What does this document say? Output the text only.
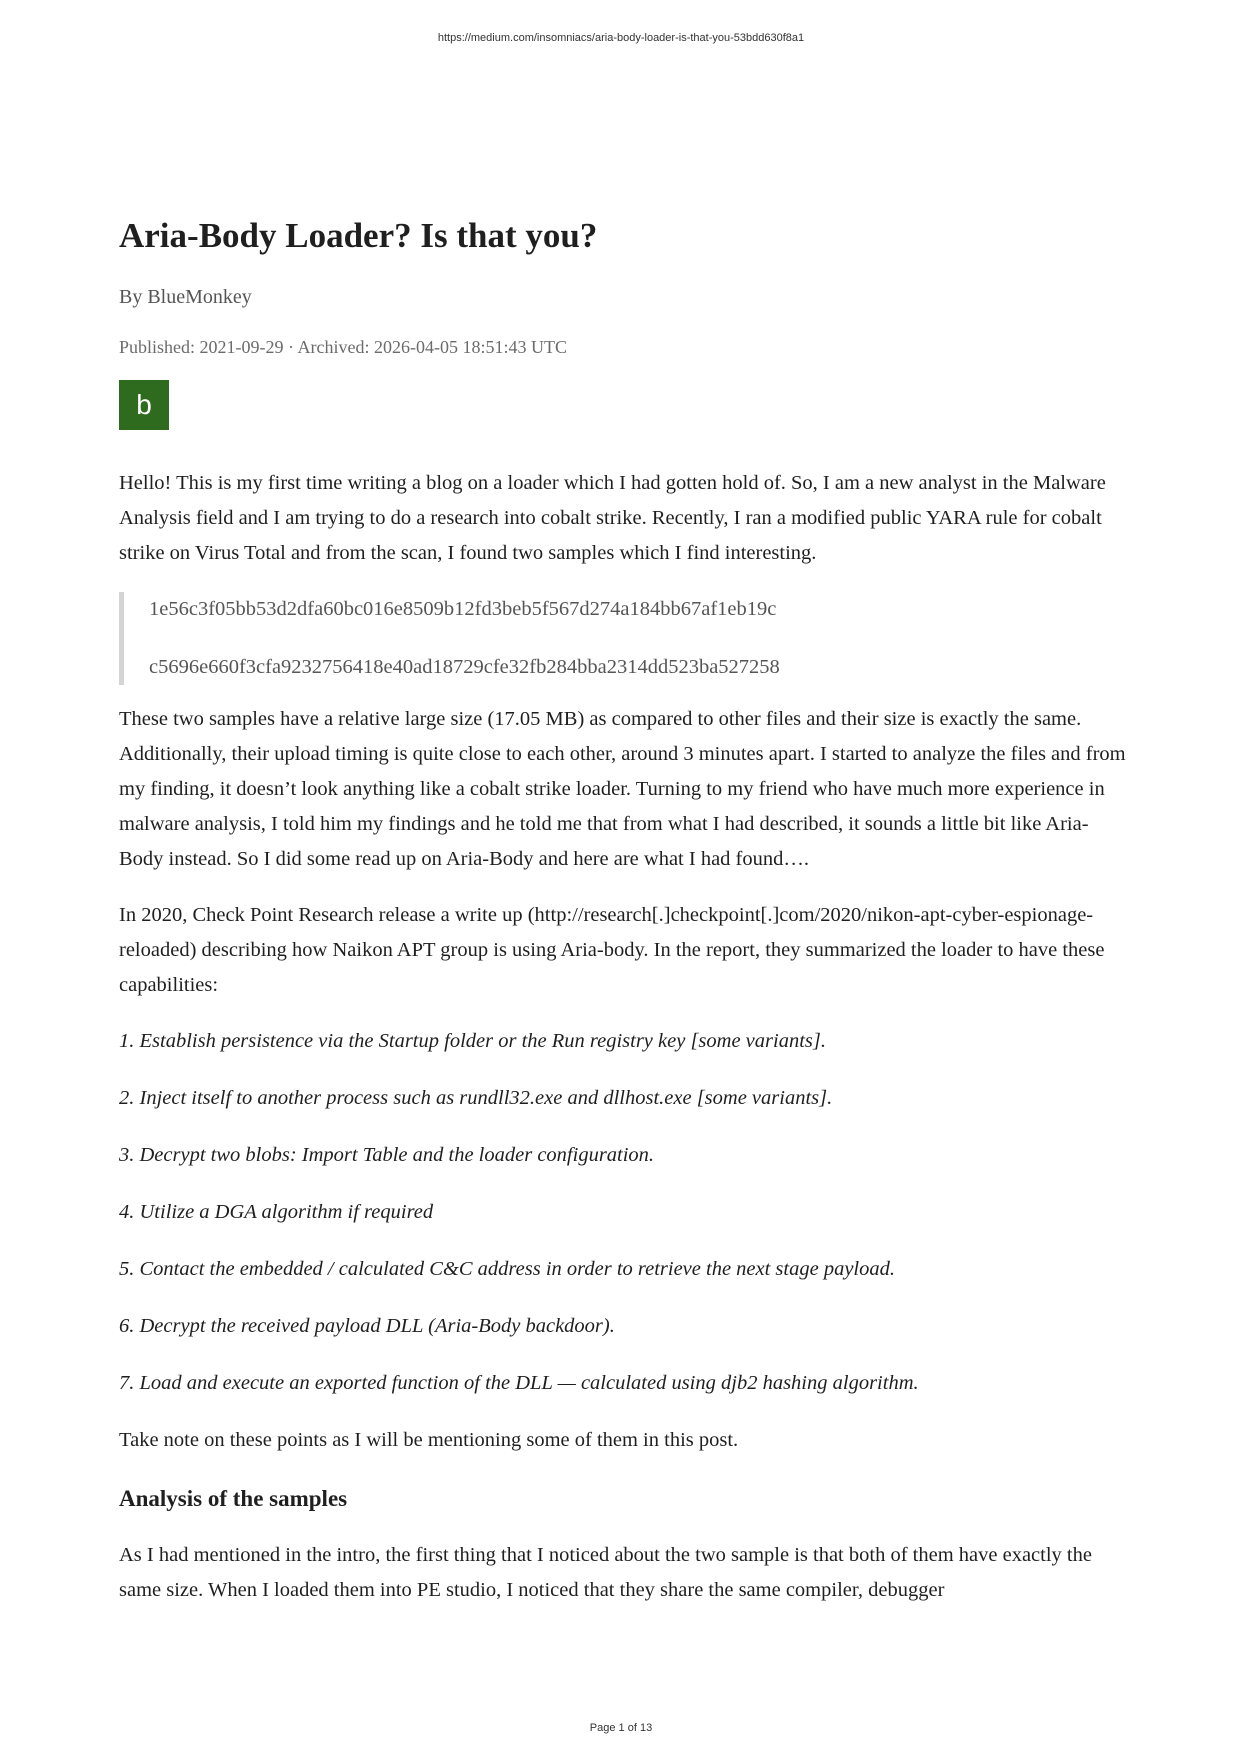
https://medium.com/insomniacs/aria-body-loader-is-that-you-53bdd630f8a1
Aria-Body Loader? Is that you?
By BlueMonkey
Published: 2021-09-29 · Archived: 2026-04-05 18:51:43 UTC
b

Hello! This is my first time writing a blog on a loader which I had gotten hold of. So, I am a new analyst in the Malware Analysis field and I am trying to do a research into cobalt strike. Recently, I ran a modified public YARA rule for cobalt strike on Virus Total and from the scan, I found two samples which I find interesting.

1e56c3f05bb53d2dfa60bc016e8509b12fd3beb5f567d274a184bb67af1eb19c

c5696e660f3cfa9232756418e40ad18729cfe32fb284bba2314dd523ba527258

These two samples have a relative large size (17.05 MB) as compared to other files and their size is exactly the same. Additionally, their upload timing is quite close to each other, around 3 minutes apart. I started to analyze the files and from my finding, it doesn’t look anything like a cobalt strike loader. Turning to my friend who have much more experience in malware analysis, I told him my findings and he told me that from what I had described, it sounds a little bit like Aria-Body instead. So I did some read up on Aria-Body and here are what I had found….

In 2020, Check Point Research release a write up (http://research[.]checkpoint[.]com/2020/nikon-apt-cyber-espionage-reloaded) describing how Naikon APT group is using Aria-body. In the report, they summarized the loader to have these capabilities:

1. Establish persistence via the Startup folder or the Run registry key [some variants].

2. Inject itself to another process such as rundll32.exe and dllhost.exe [some variants].

3. Decrypt two blobs: Import Table and the loader configuration.

4. Utilize a DGA algorithm if required

5. Contact the embedded / calculated C&C address in order to retrieve the next stage payload.

6. Decrypt the received payload DLL (Aria-Body backdoor).

7. Load and execute an exported function of the DLL — calculated using djb2 hashing algorithm.

Take note on these points as I will be mentioning some of them in this post.

Analysis of the samples

As I had mentioned in the intro, the first thing that I noticed about the two sample is that both of them have exactly the same size. When I loaded them into PE studio, I noticed that they share the same compiler, debugger

Page 1 of 13
